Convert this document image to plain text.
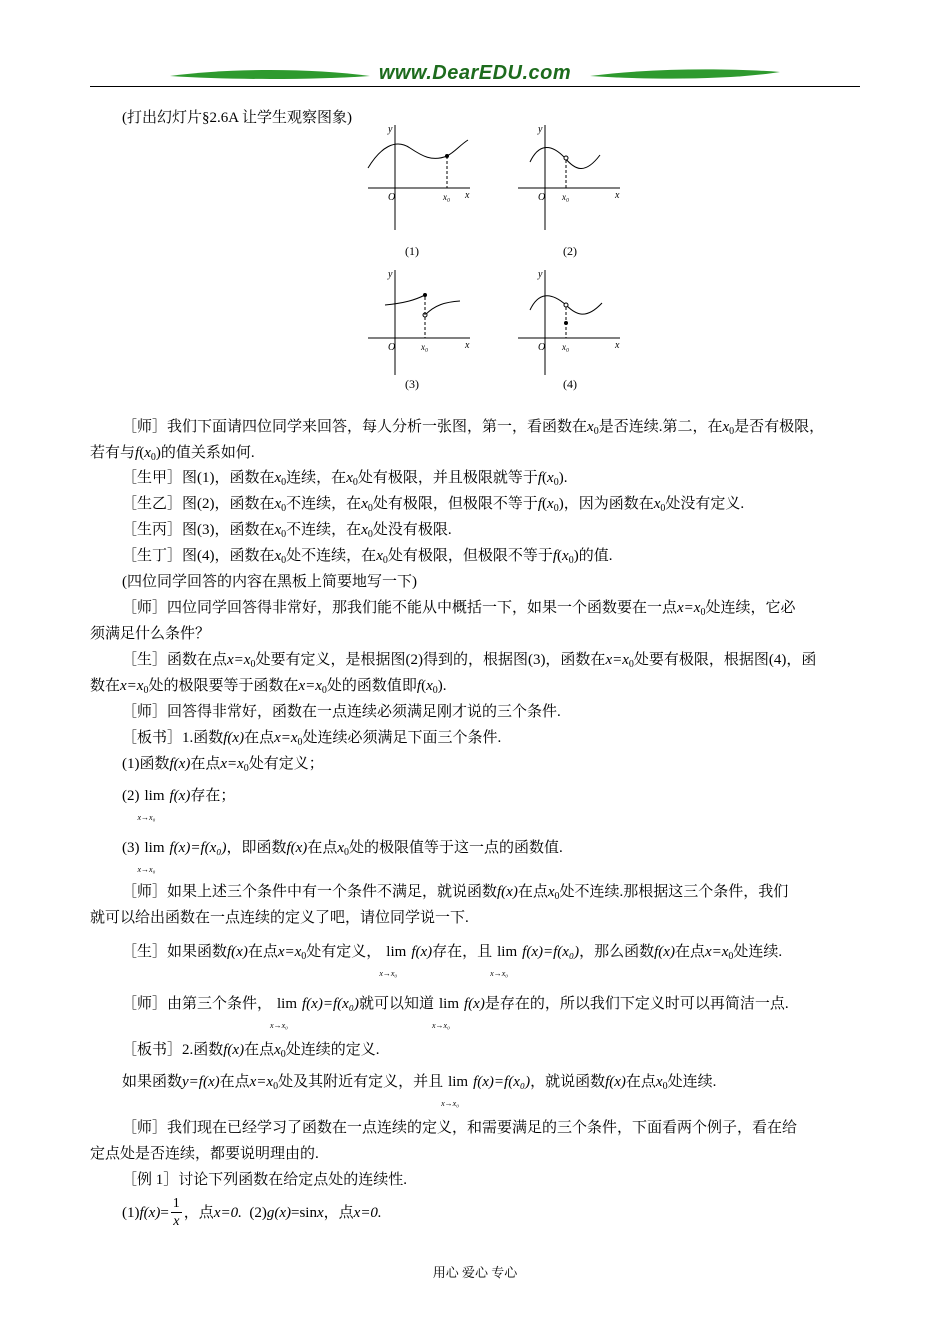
www.DearEDU.com
(打出幻灯片§2.6A 让学生观察图象)
y
x
O	x₀
(1)
y
x
O x₀
(2)
y
x
O	x₀
(3)
y
x
O x₀
(4)
［师］我们下面请四位同学来回答，每人分析一张图，第一，看函数在$x_0$是否连续.第二，在$x_0$是否有极限，
若有与$f(x_0)$的值关系如何.
［生甲］图(1)，函数在$x_0$连续，在$x_0$处有极限，并且极限就等于$f(x_0)$.
［生乙］图(2)，函数在$x_0$不连续，在$x_0$处有极限，但极限不等于$f(x_0)$，因为函数在$x_0$处没有定义.
［生丙］图(3)，函数在$x_0$不连续，在$x_0$处没有极限.
［生丁］图(4)，函数在$x_0$处不连续，在$x_0$处有极限，但极限不等于$f(x_0)$的值.
(四位同学回答的内容在黑板上简要地写一下)
［师］四位同学回答得非常好，那我们能不能从中概括一下，如果一个函数要在一点$x=x_0$处连续，它必
须满足什么条件？
［生］函数在点$x=x_0$处要有定义，是根据图(2)得到的，根据图(3)，函数在$x=x_0$处要有极限，根据图(4)，函
数在$x=x_0$处的极限要等于函数在$x=x_0$处的函数值即$f(x_0)$.
［师］回答得非常好，函数在一点连续必须满足刚才说的三个条件.
［板书］1.函数f(x)在点$x=x_0$处连续必须满足下面三个条件.
(1)函数f(x)在点$x=x_0$处有定义；
(2) lim
x→x₀
f(x)存在；
(3) lim
x→x₀
f(x)=f(x₀)，即函数f(x)在点$x_0$处的极限值等于这一点的函数值.
［师］如果上述三个条件中有一个条件不满足，就说函数f(x)在点$x_0$处不连续.那根据这三个条件，我们
就可以给出函数在一点连续的定义了吧，请位同学说一下.
［生］如果函数f(x)在点$x=x_0$处有定义， lim
x→x₀
f(x)存在，且 lim
x→x₀
f(x)=f(x₀)，那么函数f(x)在点$x=x_0$处连续.
［师］由第三个条件， lim
x→x₀
f(x)=f(x₀)就可以知道 lim
x→x₀
f(x)是存在的，所以我们下定义时可以再简洁一点.
［板书］2.函数f(x)在点$x_0$处连续的定义.
如果函数y=f(x)在点$x=x_0$处及其附近有定义，并且 lim
x→x₀
f(x)=f(x₀)，就说函数f(x)在点$x_0$处连续.
［师］我们现在已经学习了函数在一点连续的定义，和需要满足的三个条件，下面看两个例子，看在给
定点处是否连续，都要说明理由的.
［例 1］讨论下列函数在给定点处的连续性.
$(1)f(x)= \frac{1}{x}$ ，点x=0. (2)g(x)=sinx，点x=0.
用心 爱心 专心
